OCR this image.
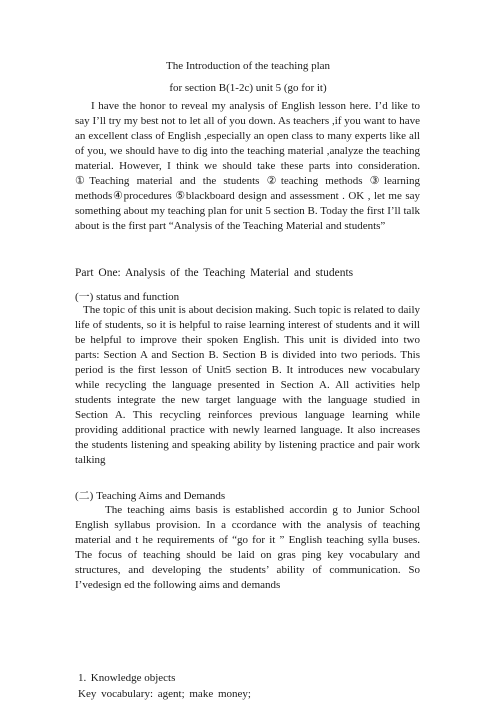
The Introduction of the teaching plan
for section B(1-2c) unit 5 (go for it)

I have the honor to reveal my analysis of English lesson here. I’d like to say I’ll try my best not to let all of you down. As teachers ,if you want to have an excellent class of English ,especially an open class to many experts like all of you, we should have to dig into the teaching material ,analyze the teaching material. However, I think we should take these parts into consideration. ①Teaching material and the students ②teaching methods ③learning methods④procedures ⑤blackboard design and assessment . OK , let me say something about my teaching plan for unit 5 section B. Today the first I’ll talk about is the first part “Analysis of the Teaching Material and students”

Part One: Analysis of the Teaching Material and students

(一) status and function

The topic of this unit is about decision making. Such topic is related to daily life of students, so it is helpful to raise learning interest of students and it will be helpful to improve their spoken English. This unit is divided into two parts: Section A and Section B. Section B is divided into two periods. This period is the first lesson of Unit5 section B. It introduces new vocabulary while recycling the language presented in Section A. All activities help students integrate the new target language with the language studied in Section A. This recycling reinforces previous language learning while providing additional practice with newly learned language. It also increases the students listening and speaking ability by listening practice and pair work talking

(二) Teaching Aims and Demands

The teaching aims basis is established accordin g to Junior School English syllabus provision. In a ccordance with the analysis of teaching material and t he requirements of “go for it ” English teaching sylla buses. The focus of teaching should be laid on gras ping key vocabulary and structures, and developing the students’ ability of communication. So I’vedesign ed the following aims and demands

1. Knowledge objects

Key vocabulary: agent; make money;
